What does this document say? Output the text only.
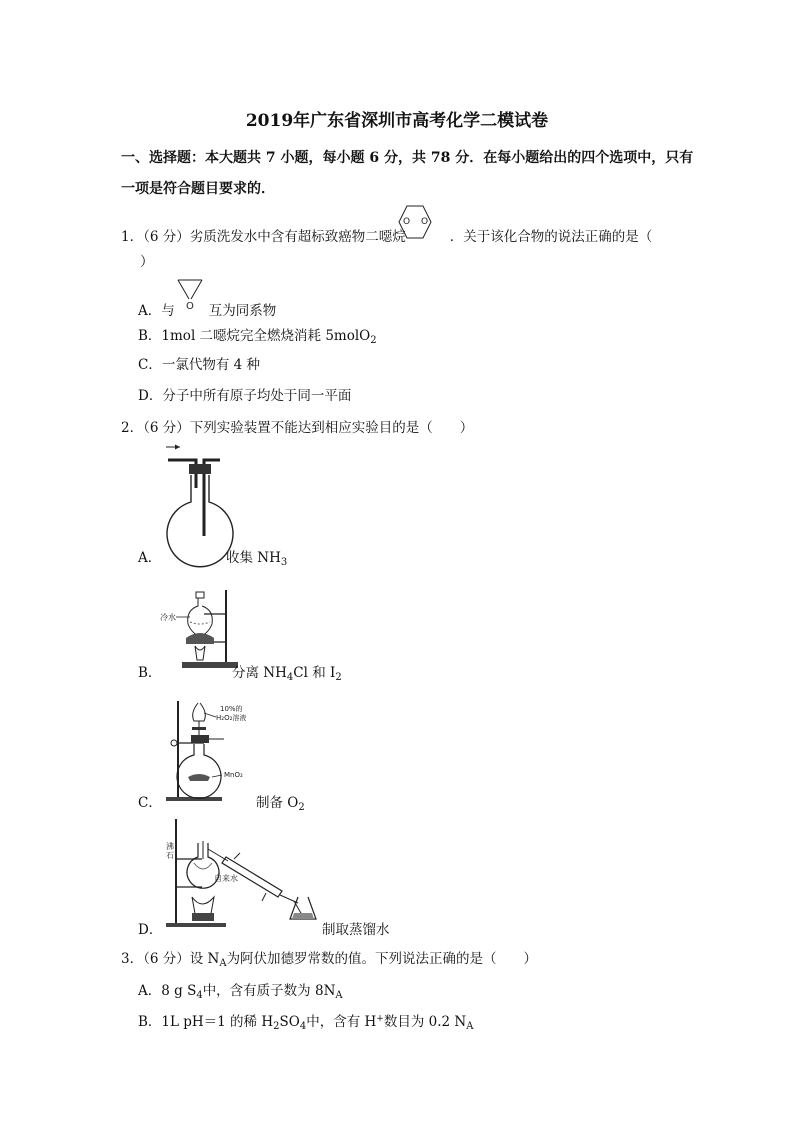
2019年广东省深圳市高考化学二模试卷
一、选择题：本大题共 7 小题，每小题 6 分，共 78 分．在每小题给出的四个选项中，只有
一项是符合题目要求的．
1．（6 分）劣质洗发水中含有超标致癌物二噁烷	．关于该化合物的说法正确的是（
O O
）
A．与	互为同系物
O
B．1mol 二噁烷完全燃烧消耗 5molO$_2$
C．一氯代物有 4 种
D．分子中所有原子均处于同一平面
2．（6 分）下列实验装置不能达到相应实验目的是（　　）
A．	收集 $NH_3$
冷水
B．	分离 $NH_4Cl$ 和 $I_2$
10%的
H₂O₂溶液
MnO₂
C．	制备 $O_2$
沸
石
自来水
D．	制取蒸馏水
3．（6 分）设 $N_A$为阿伏加德罗常数的值。下列说法正确的是（　　）
A．8 g $S_4$中，含有质子数为 $8N_A$
B．1L pH＝1 的稀 $H_2SO_4$中，含有 H+数目为 0.2 $N_A$
